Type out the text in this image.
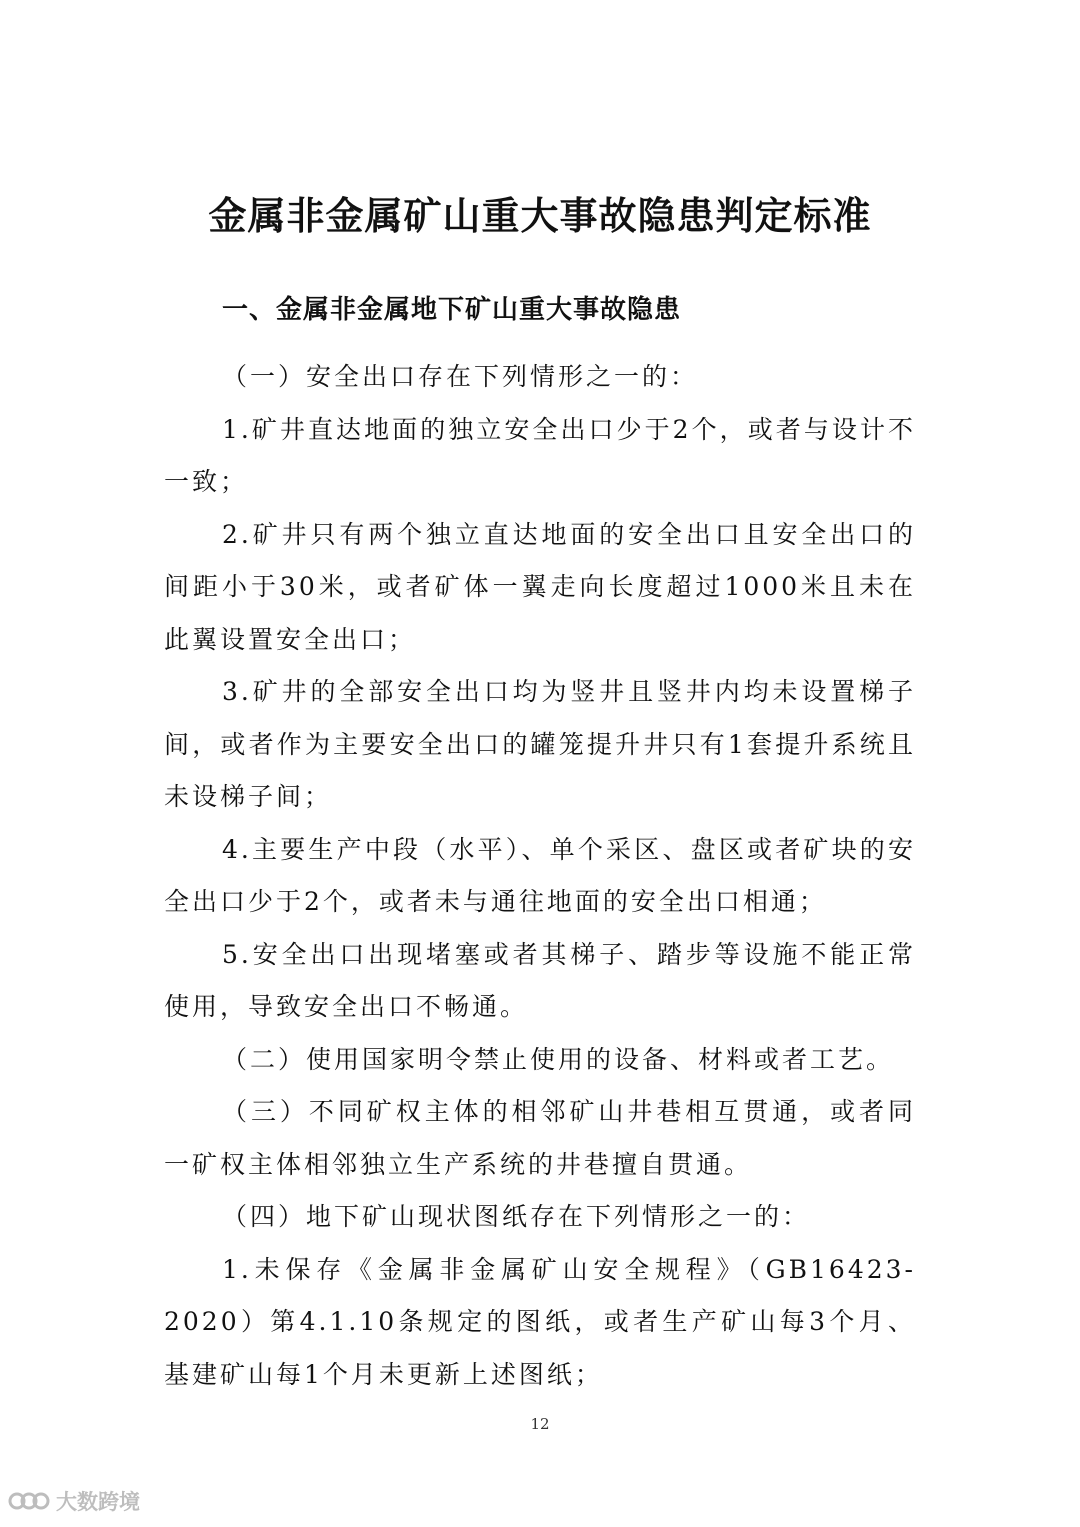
金属非金属矿山重大事故隐患判定标准
一、金属非金属地下矿山重大事故隐患

（一）安全出口存在下列情形之一的：

1.矿井直达地面的独立安全出口少于2个，或者与设计不一致；

2.矿井只有两个独立直达地面的安全出口且安全出口的间距小于30米，或者矿体一翼走向长度超过1000米且未在此翼设置安全出口；

3.矿井的全部安全出口均为竖井且竖井内均未设置梯子间，或者作为主要安全出口的罐笼提升井只有1套提升系统且未设梯子间；

4.主要生产中段（水平）、单个采区、盘区或者矿块的安全出口少于2个，或者未与通往地面的安全出口相通；

5.安全出口出现堵塞或者其梯子、踏步等设施不能正常使用，导致安全出口不畅通。

（二）使用国家明令禁止使用的设备、材料或者工艺。

（三）不同矿权主体的相邻矿山井巷相互贯通，或者同一矿权主体相邻独立生产系统的井巷擅自贯通。

（四）地下矿山现状图纸存在下列情形之一的：

1.未保存《金属非金属矿山安全规程》（GB16423-2020）第4.1.10条规定的图纸，或者生产矿山每3个月、基建矿山每1个月未更新上述图纸；

12
大数跨境
